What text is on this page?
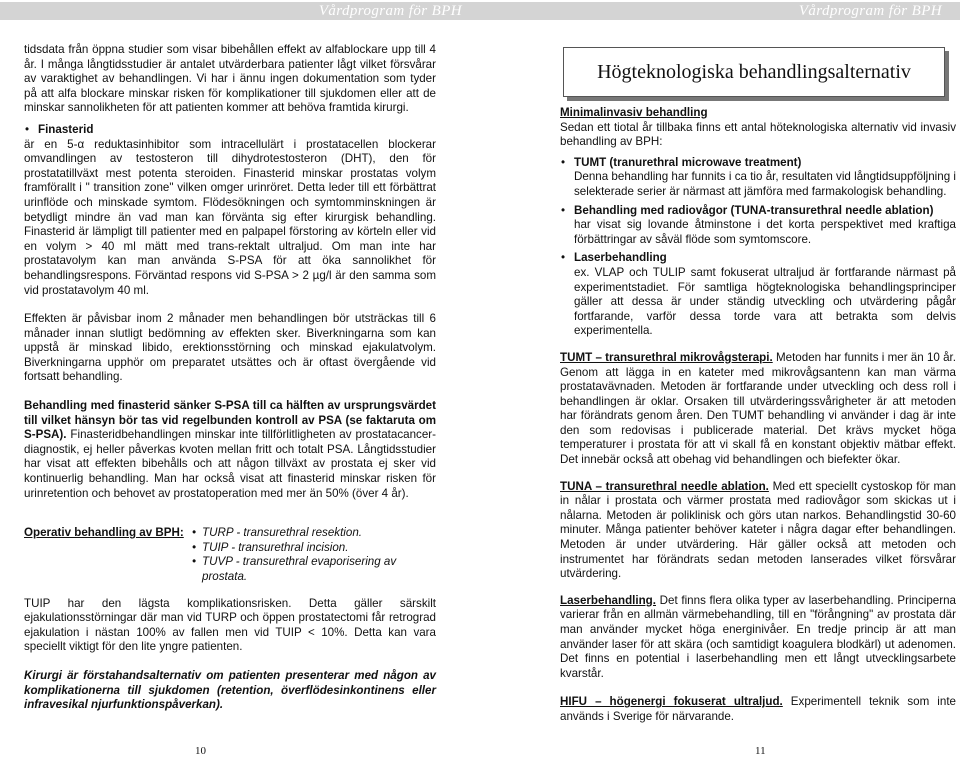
Vårdprogram för BPH

tidsdata från öppna studier som visar bibehållen effekt av alfablockare upp till 4 år. I många långtidsstudier är antalet utvärderbara patienter lågt vilket försvårar av varaktighet av behandlingen. Vi har i ännu ingen dokumentation som tyder på att alfa blockare minskar risken för komplikationer till sjukdomen eller att de minskar sannolikheten för att patienten kommer att behöva framtida kirurgi.

• Finasterid

är en 5-α reduktasinhibitor som intracellulärt i prostatacellen blockerar omvandlingen av testosteron till dihydrotestosteron (DHT), den för prostatatillväxt mest potenta steroiden. Finasterid minskar prostatas volym framförallt i " transition zone" vilken omger urinröret. Detta leder till ett förbättrat urinflöde och minskade symtom. Flödesökningen och symtomminskningen är betydligt mindre än vad man kan förvänta sig efter kirurgisk behandling. Finasterid är lämpligt till patienter med en palpapel förstoring av körteln eller vid en volym > 40 ml mätt med trans-rektalt ultraljud. Om man inte har prostatavolym kan man använda S-PSA för att öka sannolikhet för behandlingsrespons. Förväntad respons vid S-PSA > 2 µg/l är den samma som vid prostatavolym 40 ml.

Effekten är påvisbar inom 2 månader men behandlingen bör utsträckas till 6 månader innan slutligt bedömning av effekten sker. Biverkningarna som kan uppstå är minskad libido, erektionsstörning och minskad ejakulatvolym. Biverkningarna upphör om preparatet utsättes och är oftast övergående vid fortsatt behandling.

Behandling med finasterid sänker S-PSA till ca hälften av ursprungsvärdet till vilket hänsyn bör tas vid regelbunden kontroll av PSA (se faktaruta om S-PSA). Finasteridbehandlingen minskar inte tillförlitligheten av prostatacancer-diagnostik, ej heller påverkas kvoten mellan fritt och totalt PSA. Långtidsstudier har visat att effekten bibehålls och att någon tillväxt av prostata ej sker vid kontinuerlig behandling. Man har också visat att finasterid minskar risken för urinretention och behovet av prostatoperation med mer än 50% (över 4 år).

Operativ behandling av BPH: • TURP - transurethral resektion.
• TUIP - transurethral incision.
• TUVP - transurethral evaporisering av prostata.

TUIP har den lägsta komplikationsrisken. Detta gäller särskilt ejakulationsstörningar där man vid TURP och öppen prostatectomi får retrograd ejakulation i nästan 100% av fallen men vid TUIP < 10%. Detta kan vara speciellt viktigt för den lite yngre patienten.

Kirurgi är förstahandsalternativ om patienten presenterar med någon av komplikationerna till sjukdomen (retention, överflödesinkontinens eller infravesikal njurfunktionspåverkan).

10
Vårdprogram för BPH
Högteknologiska behandlingsalternativ
Minimalinvasiv behandling

Sedan ett tiotal år tillbaka finns ett antal höteknologiska alternativ vid invasiv behandling av BPH:

• TUMT (tranurethral microwave treatment)

Denna behandling har funnits i ca tio år, resultaten vid långtidsuppföljning i selekterade serier är närmast att jämföra med farmakologisk behandling.

• Behandling med radiovågor (TUNA-transurethral needle ablation)

har visat sig lovande åtminstone i det korta perspektivet med kraftiga förbättringar av såväl flöde som symtomscore.

• Laserbehandling

ex. VLAP och TULIP samt fokuserat ultraljud är fortfarande närmast på experimentstadiet. För samtliga högteknologiska behandlingsprinciper gäller att dessa är under ständig utveckling och utvärdering pågår fortfarande, varför dessa torde vara att betrakta som delvis experimentella.

TUMT – transurethral mikrovågsterapi. Metoden har funnits i mer än 10 år. Genom att lägga in en kateter med mikrovågsantenn kan man värma prostatavävnaden. Metoden är fortfarande under utveckling och dess roll i behandlingen är oklar. Orsaken till utvärderingssvårigheter är att metoden har förändrats genom åren. Den TUMT behandling vi använder i dag är inte den som redovisas i publicerade material. Det krävs mycket höga temperaturer i prostata för att vi skall få en konstant objektiv mätbar effekt. Det innebär också att obehag vid behandlingen och biefekter ökar.

TUNA – transurethral needle ablation. Med ett speciellt cystoskop för man in nålar i prostata och värmer prostata med radiovågor som skickas ut i nålarna. Metoden är poliklinisk och görs utan narkos. Behandlingstid 30-60 minuter. Många patienter behöver kateter i några dagar efter behandlingen. Metoden är under utvärdering. Här gäller också att metoden och instrumentet har förändrats sedan metoden lanserades vilket försvårar utvärdering.

Laserbehandling. Det finns flera olika typer av laserbehandling. Principerna varierar från en allmän värmebehandling, till en "förångning" av prostata där man använder mycket höga energinivåer. En tredje princip är att man använder laser för att skära (och samtidigt koagulera blodkärl) ut adenomen. Det finns en potential i laserbehandling men ett långt utvecklingsarbete kvarstår.

HIFU – högenergi fokuserat ultraljud. Experimentell teknik som inte används i Sverige för närvarande.

11
